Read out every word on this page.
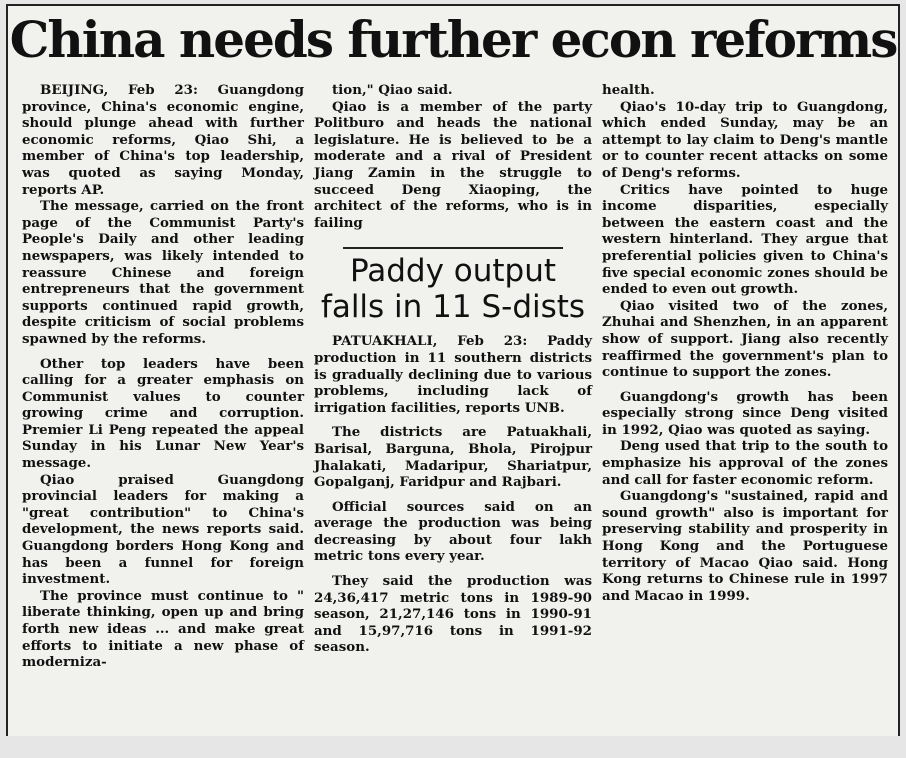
China needs further econ reforms

BEIJING, Feb 23: Guangdong province, China's economic engine, should plunge ahead with further economic reforms, Qiao Shi, a member of China's top leadership, was quoted as saying Monday, reports AP.

The message, carried on the front page of the Communist Party's People's Daily and other leading newspapers, was likely intended to reassure Chinese and foreign entrepreneurs that the government supports continued rapid growth, despite criticism of social problems spawned by the reforms.

Other top leaders have been calling for a greater emphasis on Communist values to counter growing crime and corruption. Premier Li Peng repeated the appeal Sunday in his Lunar New Year's message.

Qiao praised Guangdong provincial leaders for making a "great contribution" to China's development, the news reports said. Guangdong borders Hong Kong and has been a funnel for foreign investment.

The province must continue to " liberate thinking, open up and bring forth new ideas ... and make great efforts to initiate a new phase of moderniza-

tion," Qiao said.

Qiao is a member of the party Politburo and heads the national legislature. He is believed to be a moderate and a rival of President Jiang Zamin in the struggle to succeed Deng Xiaoping, the architect of the reforms, who is in failing

Paddy output falls in 11 S-dists

PATUAKHALI, Feb 23: Paddy production in 11 southern districts is gradually declining due to various problems, including lack of irrigation facilities, reports UNB.

The districts are Patuakhali, Barisal, Barguna, Bhola, Pirojpur Jhalakati, Madaripur, Shariatpur, Gopalganj, Faridpur and Rajbari.

Official sources said on an average the production was being decreasing by about four lakh metric tons every year.

They said the production was 24,36,417 metric tons in 1989-90 season, 21,27,146 tons in 1990-91 and 15,97,716 tons in 1991-92 season.

health.

Qiao's 10-day trip to Guangdong, which ended Sunday, may be an attempt to lay claim to Deng's mantle or to counter recent attacks on some of Deng's reforms.

Critics have pointed to huge income disparities, especially between the eastern coast and the western hinterland. They argue that preferential policies given to China's five special economic zones should be ended to even out growth.

Qiao visited two of the zones, Zhuhai and Shenzhen, in an apparent show of support. Jiang also recently reaffirmed the government's plan to continue to support the zones.

Guangdong's growth has been especially strong since Deng visited in 1992, Qiao was quoted as saying.

Deng used that trip to the south to emphasize his approval of the zones and call for faster economic reform.

Guangdong's "sustained, rapid and sound growth" also is important for preserving stability and prosperity in Hong Kong and the Portuguese territory of Macao Qiao said. Hong Kong returns to Chinese rule in 1997 and Macao in 1999.
